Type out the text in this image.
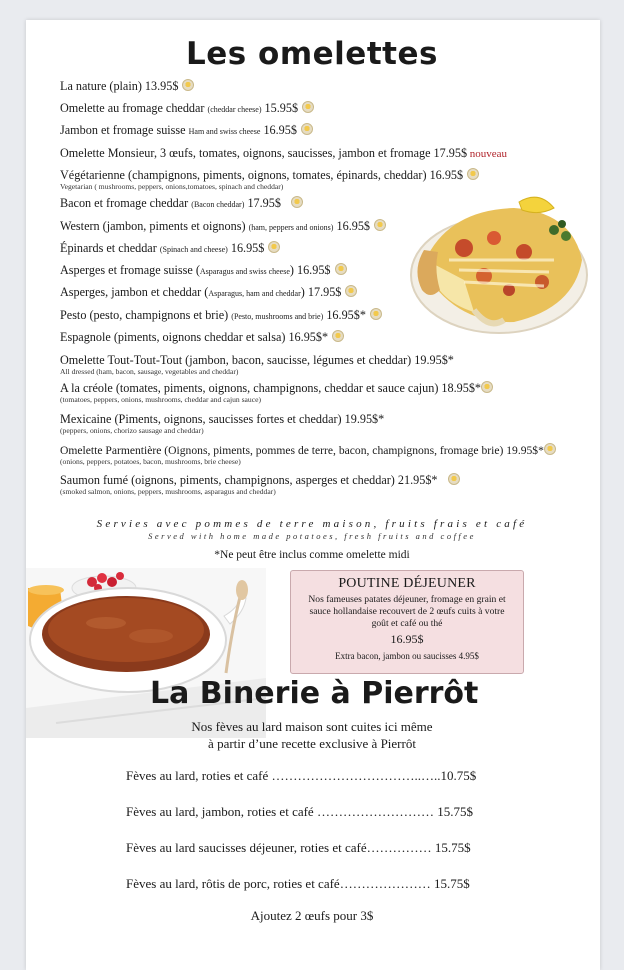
Les omelettes
La nature (plain) 13.95$
Omelette au fromage cheddar (cheddar cheese) 15.95$
Jambon et fromage suisse Ham and swiss cheese 16.95$
Omelette Monsieur, 3 œufs, tomates, oignons, saucisses, jambon et fromage 17.95$ nouveau
Végétarienne (champignons, piments, oignons, tomates, épinards, cheddar) 16.95$
Vegetarian ( mushrooms, peppers, onions,tomatoes, spinach and cheddar)
Bacon et fromage cheddar (Bacon cheddar) 17.95$
Western (jambon, piments et oignons) (ham, peppers and onions) 16.95$
Épinards et cheddar (Spinach and cheese) 16.95$
Asperges et fromage suisse (Asparagus and swiss cheese) 16.95$
Asperges, jambon et cheddar (Asparagus, ham and cheddar) 17.95$
Pesto (pesto, champignons et brie) (Pesto, mushrooms and brie) 16.95$*
Espagnole (piments, oignons cheddar et salsa) 16.95$*
Omelette Tout-Tout-Tout (jambon, bacon, saucisse, légumes et cheddar) 19.95$*
All dressed (ham, bacon, sausage, vegetables and cheddar)
A la créole (tomates, piments, oignons, champignons, cheddar et sauce cajun) 18.95$*
(tomatoes, peppers, onions, mushrooms, cheddar and cajun sauce)
Mexicaine (Piments, oignons, saucisses fortes et cheddar) 19.95$*
(peppers, onions, chorizo sausage and cheddar)
Omelette Parmentière (Oignons, piments, pommes de terre, bacon, champignons, fromage brie) 19.95$*
(onions, peppers, potatoes, bacon, mushrooms, brie cheese)
Saumon fumé (oignons, piments, champignons, asperges et cheddar) 21.95$*
(smoked salmon, onions, peppers, mushrooms, asparagus and cheddar)
Servies avec pommes de terre maison, fruits frais et café
Served with home made potatoes, fresh fruits and coffee
*Ne peut être inclus comme omelette midi
POUTINE DÉJEUNER
Nos fameuses patates déjeuner, fromage en grain et sauce hollandaise recouvert de 2 œufs cuits à votre goût et café ou thé
16.95$
Extra bacon, jambon ou saucisses 4.95$
La Binerie à Pierrôt
Nos fèves au lard maison sont cuites ici même
à partir d’une recette exclusive à Pierrôt
Fèves au lard, roties et café ……………………………..…..10.75$
Fèves au lard, jambon, roties et café ……………………… 15.75$
Fèves au lard saucisses déjeuner, roties et café…………… 15.75$
Fèves au lard, rôtis de porc, roties et café………………… 15.75$
Ajoutez 2 œufs pour 3$
